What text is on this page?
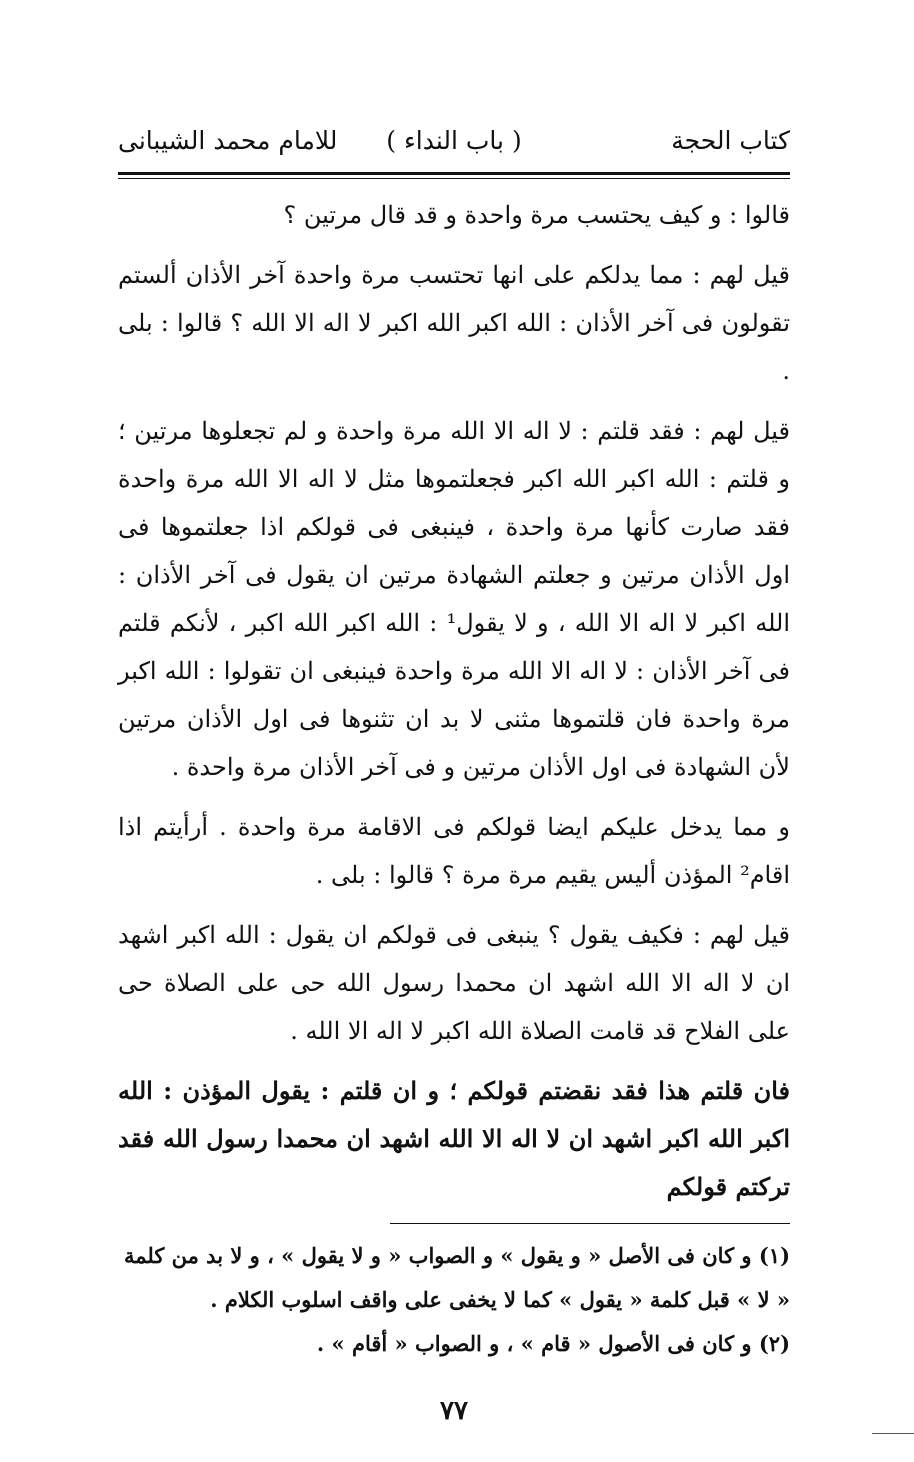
كتاب الحجة
( باب النداء )
للامام محمد الشيبانى

قالوا : و كيف يحتسب مرة واحدة و قد قال مرتين ؟

قيل لهم : مما يدلكم على انها تحتسب مرة واحدة آخر الأذان ألستم تقولون فى آخر الأذان : الله اكبر الله اكبر لا اله الا الله ؟ قالوا : بلى .

قيل لهم : فقد قلتم : لا اله الا الله مرة واحدة و لم تجعلوها مرتين ؛ و قلتم : الله اكبر الله اكبر فجعلتموها مثل لا اله الا الله مرة واحدة فقد صارت كأنها مرة واحدة ، فينبغى فى قولكم اذا جعلتموها فى اول الأذان مرتين و جعلتم الشهادة مرتين ان يقول فى آخر الأذان : الله اكبر لا اله الا الله ، و لا يقول¹ : الله اكبر الله اكبر ، لأنكم قلتم فى آخر الأذان : لا اله الا الله مرة واحدة فينبغى ان تقولوا : الله اكبر مرة واحدة فان قلتموها مثنى لا بد ان تثنوها فى اول الأذان مرتين لأن الشهادة فى اول الأذان مرتين و فى آخر الأذان مرة واحدة .

و مما يدخل عليكم ايضا قولكم فى الاقامة مرة واحدة . أرأيتم اذا اقام² المؤذن أليس يقيم مرة مرة ؟ قالوا : بلى .

قيل لهم : فكيف يقول ؟ ينبغى فى قولكم ان يقول : الله اكبر اشهد ان لا اله الا الله اشهد ان محمدا رسول الله حى على الصلاة حى على الفلاح قد قامت الصلاة الله اكبر لا اله الا الله .

فان قلتم هذا فقد نقضتم قولكم ؛ و ان قلتم : يقول المؤذن : الله اكبر الله اكبر اشهد ان لا اله الا الله اشهد ان محمدا رسول الله فقد تركتم قولكم

(١) و كان فى الأصل « و يقول » و الصواب « و لا يقول » ، و لا بد من كلمة « لا » قبل كلمة « يقول » كما لا يخفى على واقف اسلوب الكلام .

(٢) و كان فى الأصول « قام » ، و الصواب « أقام » .

٧٧
